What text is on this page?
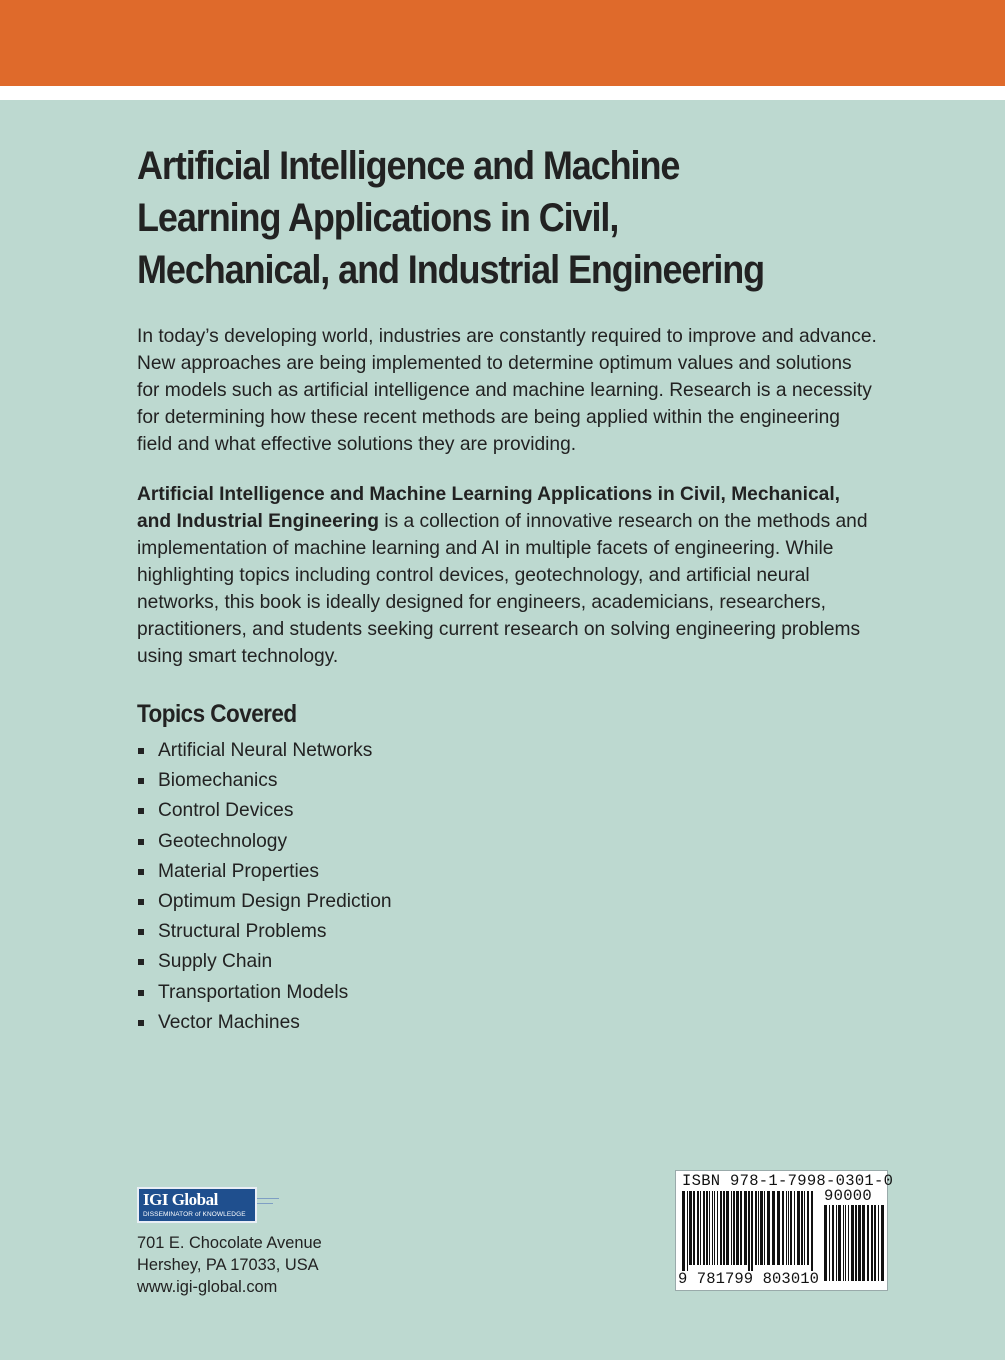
Artificial Intelligence and Machine
Learning Applications in Civil,
Mechanical, and Industrial Engineering

In today’s developing world, industries are constantly required to improve and advance. New approaches are being implemented to determine optimum values and solutions for models such as artificial intelligence and machine learning. Research is a necessity for determining how these recent methods are being applied within the engineering field and what effective solutions they are providing.

Artificial Intelligence and Machine Learning Applications in Civil, Mechanical, and Industrial Engineering is a collection of innovative research on the methods and implementation of machine learning and AI in multiple facets of engineering. While highlighting topics including control devices, geotechnology, and artificial neural networks, this book is ideally designed for engineers, academicians, researchers, practitioners, and students seeking current research on solving engineering problems using smart technology.

Topics Covered
Artificial Neural Networks
Biomechanics
Control Devices
Geotechnology
Material Properties
Optimum Design Prediction
Structural Problems
Supply Chain
Transportation Models
Vector Machines
IGI Global
DISSEMINATOR of KNOWLEDGE
701 E. Chocolate Avenue
Hershey, PA 17033, USA
www.igi-global.com
ISBN 978-1-7998-0301-0
90000
9 781799 803010
